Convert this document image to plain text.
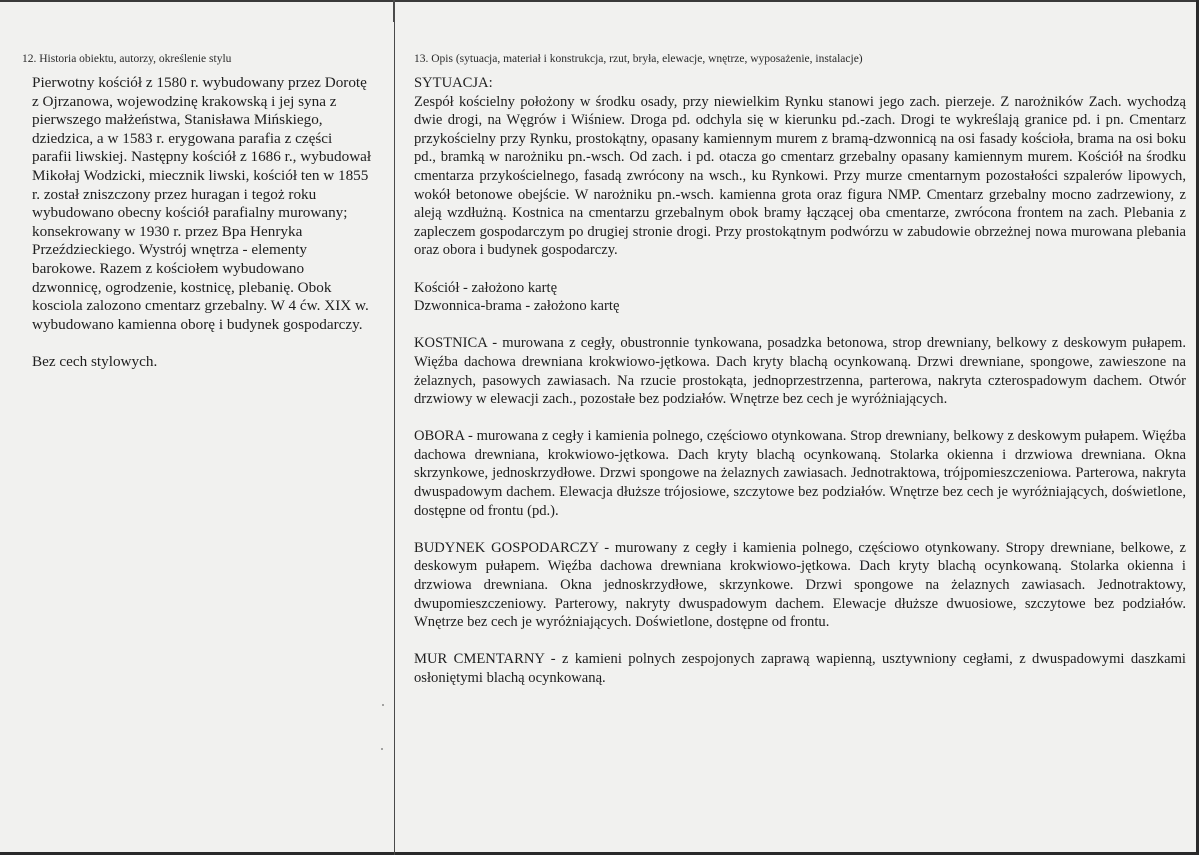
12. Historia obiektu, autorzy, określenie stylu

Pierwotny kościół z 1580 r. wybudowany przez Dorotę z Ojrzanowa, wojewodzinę krakowską i jej syna z pierwszego małżeństwa, Stanisława Mińskiego, dziedzica, a w 1583 r. erygowana parafia z części parafii liwskiej. Następny kościół z 1686 r., wybudował Mikołaj Wodzicki, miecznik liwski, kościół ten w 1855 r. został zniszczony przez huragan i tegoż roku wybudowano obecny kościół parafialny murowany; konsekrowany w 1930 r. przez Bpa Henryka Przeździeckiego. Wystrój wnętrza - elementy barokowe. Razem z kościołem wybudowano dzwonnicę, ogrodzenie, kostnicę, plebanię. Obok kosciola zalozono cmentarz grzebalny. W 4 ćw. XIX w. wybudowano kamienna oborę i budynek gospodarczy.

Bez cech stylowych.

13. Opis (sytuacja, materiał i konstrukcja, rzut, bryła, elewacje, wnętrze, wyposażenie, instalacje)

SYTUACJA:

Zespół kościelny położony w środku osady, przy niewielkim Rynku stanowi jego zach. pierzeje. Z narożników Zach. wychodzą dwie drogi, na Węgrów i Wiśniew. Droga pd. odchyla się w kierunku pd.-zach. Drogi te wykreślają granice pd. i pn. Cmentarz przykościelny przy Rynku, prostokątny, opasany kamiennym murem z bramą-dzwonnicą na osi fasady kościoła, brama na osi boku pd., bramką w narożniku pn.-wsch. Od zach. i pd. otacza go cmentarz grzebalny opasany kamiennym murem. Kościół na środku cmentarza przykościelnego, fasadą zwrócony na wsch., ku Rynkowi. Przy murze cmentarnym pozostałości szpalerów lipowych, wokół betonowe obejście. W narożniku pn.-wsch. kamienna grota oraz figura NMP. Cmentarz grzebalny mocno zadrzewiony, z aleją wzdłużną. Kostnica na cmentarzu grzebalnym obok bramy łączącej oba cmentarze, zwrócona frontem na zach. Plebania z zapleczem gospodarczym po drugiej stronie drogi. Przy prostokątnym podwórzu w zabudowie obrzeżnej nowa murowana plebania oraz obora i budynek gospodarczy.

Kościół - założono kartę

Dzwonnica-brama - założono kartę

KOSTNICA - murowana z cegły, obustronnie tynkowana, posadzka betonowa, strop drewniany, belkowy z deskowym pułapem. Więźba dachowa drewniana krokwiowo-jętkowa. Dach kryty blachą ocynkowaną. Drzwi drewniane, spongowe, zawieszone na żelaznych, pasowych zawiasach. Na rzucie prostokąta, jednoprzestrzenna, parterowa, nakryta czterospadowym dachem. Otwór drzwiowy w elewacji zach., pozostałe bez podziałów. Wnętrze bez cech je wyróżniających.

OBORA - murowana z cegły i kamienia polnego, częściowo otynkowana. Strop drewniany, belkowy z deskowym pułapem. Więźba dachowa drewniana, krokwiowo-jętkowa. Dach kryty blachą ocynkowaną. Stolarka okienna i drzwiowa drewniana. Okna skrzynkowe, jednoskrzydłowe. Drzwi spongowe na żelaznych zawiasach. Jednotraktowa, trójpomieszczeniowa. Parterowa, nakryta dwuspadowym dachem. Elewacja dłuższe trójosiowe, szczytowe bez podziałów. Wnętrze bez cech je wyróżniających, doświetlone, dostępne od frontu (pd.).

BUDYNEK GOSPODARCZY - murowany z cegły i kamienia polnego, częściowo otynkowany. Stropy drewniane, belkowe, z deskowym pułapem. Więźba dachowa drewniana krokwiowo-jętkowa. Dach kryty blachą ocynkowaną. Stolarka okienna i drzwiowa drewniana. Okna jednoskrzydłowe, skrzynkowe. Drzwi spongowe na żelaznych zawiasach. Jednotraktowy, dwupomieszczeniowy. Parterowy, nakryty dwuspadowym dachem. Elewacje dłuższe dwuosiowe, szczytowe bez podziałów. Wnętrze bez cech je wyróżniających. Doświetlone, dostępne od frontu.

MUR CMENTARNY - z kamieni polnych zespojonych zaprawą wapienną, usztywniony cegłami, z dwuspadowymi daszkami osłoniętymi blachą ocynkowaną.
